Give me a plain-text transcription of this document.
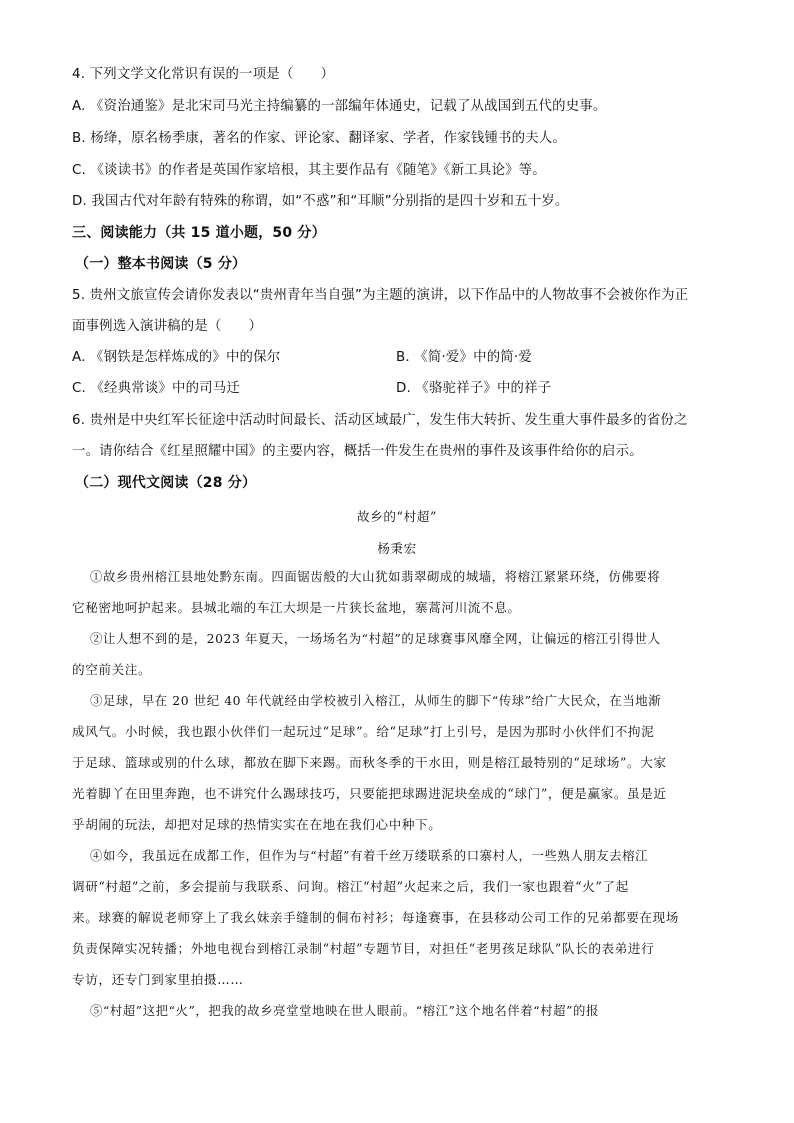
4. 下列文学文化常识有误的一项是（　　）
A. 《资治通鉴》是北宋司马光主持编纂的一部编年体通史，记载了从战国到五代的史事。
B. 杨绛，原名杨季康，著名的作家、评论家、翻译家、学者，作家钱锺书的夫人。
C. 《谈读书》的作者是英国作家培根，其主要作品有《随笔》《新工具论》等。
D. 我国古代对年龄有特殊的称谓，如“不惑”和“耳顺”分别指的是四十岁和五十岁。
三、阅读能力（共 15 道小题，50 分）
（一）整本书阅读（5 分）
5. 贵州文旅宣传会请你发表以“贵州青年当自强”为主题的演讲，以下作品中的人物故事不会被你作为正
面事例选入演讲稿的是（　　）
A. 《钢铁是怎样炼成的》中的保尔	B. 《简·爱》中的简·爱
C. 《经典常谈》中的司马迁	D. 《骆驼祥子》中的祥子
6. 贵州是中央红军长征途中活动时间最长、活动区域最广，发生伟大转折、发生重大事件最多的省份之
一。请你结合《红星照耀中国》的主要内容，概括一件发生在贵州的事件及该事件给你的启示。
（二）现代文阅读（28 分）
故乡的“村超”
杨秉宏
①故乡贵州榕江县地处黔东南。四面锯齿般的大山犹如翡翠砌成的城墙，将榕江紧紧环绕，仿佛要将
它秘密地呵护起来。县城北端的车江大坝是一片狭长盆地，寨蒿河川流不息。
②让人想不到的是，2023 年夏天，一场场名为“村超”的足球赛事风靡全网，让偏远的榕江引得世人
的空前关注。
③足球，早在 20 世纪 40 年代就经由学校被引入榕江，从师生的脚下“传球”给广大民众，在当地渐
成风气。小时候，我也跟小伙伴们一起玩过“足球”。给“足球”打上引号，是因为那时小伙伴们不拘泥
于足球、篮球或别的什么球，都放在脚下来踢。而秋冬季的干水田，则是榕江最特别的“足球场”。大家
光着脚丫在田里奔跑，也不讲究什么踢球技巧，只要能把球踢进泥块垒成的“球门”，便是赢家。虽是近
乎胡闹的玩法，却把对足球的热情实实在在地在我们心中种下。
④如今，我虽远在成都工作，但作为与“村超”有着千丝万缕联系的口寨村人，一些熟人朋友去榕江
调研“村超”之前，多会提前与我联系、问询。榕江“村超”火起来之后，我们一家也跟着“火”了起
来。球赛的解说老师穿上了我幺妹亲手缝制的侗布衬衫；每逢赛事，在县移动公司工作的兄弟都要在现场
负责保障实况转播；外地电视台到榕江录制“村超”专题节目，对担任“老男孩足球队”队长的表弟进行
专访，还专门到家里拍摄……
⑤“村超”这把“火”，把我的故乡亮堂堂地映在世人眼前。“榕江”这个地名伴着“村超”的报
